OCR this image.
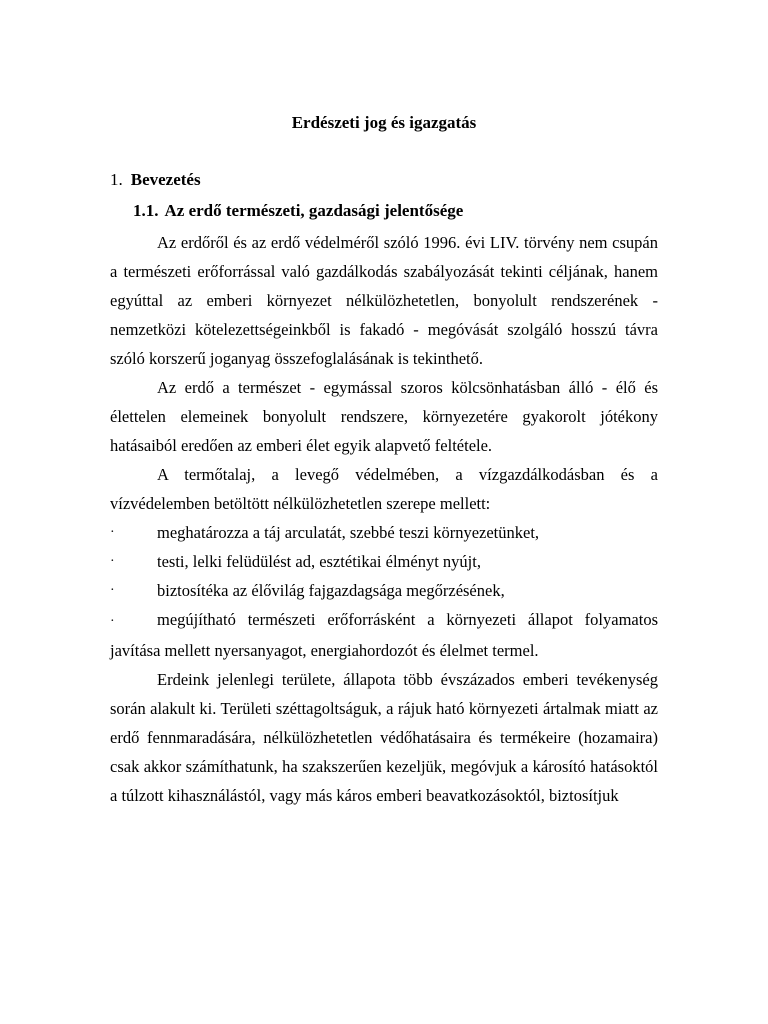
Erdészeti jog és igazgatás
1. Bevezetés
1.1. Az erdő természeti, gazdasági jelentősége

Az erdőről és az erdő védelméről szóló 1996. évi LIV. törvény nem csupán a természeti erőforrással való gazdálkodás szabályozását tekinti céljának, hanem egyúttal az emberi környezet nélkülözhetetlen, bonyolult rendszerének - nemzetközi kötelezettségeinkből is fakadó - megóvását szolgáló hosszú távra szóló korszerű joganyag összefoglalásának is tekinthető.

Az erdő a természet - egymással szoros kölcsönhatásban álló - élő és élettelen elemeinek bonyolult rendszere, környezetére gyakorolt jótékony hatásaiból eredően az emberi élet egyik alapvető feltétele.

A termőtalaj, a levegő védelmében, a vízgazdálkodásban és a vízvédelemben betöltött nélkülözhetetlen szerepe mellett:

·	meghatározza a táj arculatát, szebbé teszi környezetünket,
·	testi, lelki felüdülést ad, esztétikai élményt nyújt,
·	biztosítéka az élővilág fajgazdagsága megőrzésének,

·	megújítható természeti erőforrásként a környezeti állapot folyamatos javítása mellett nyersanyagot, energiahordozót és élelmet termel.

Erdeink jelenlegi területe, állapota több évszázados emberi tevékenység során alakult ki. Területi széttagoltságuk, a rájuk ható környezeti ártalmak miatt az erdő fennmaradására, nélkülözhetetlen védőhatásaira és termékeire (hozamaira) csak akkor számíthatunk, ha szakszerűen kezeljük, megóvjuk a károsító hatásoktól a túlzott kihasználástól, vagy más káros emberi beavatkozásoktól, biztosítjuk
